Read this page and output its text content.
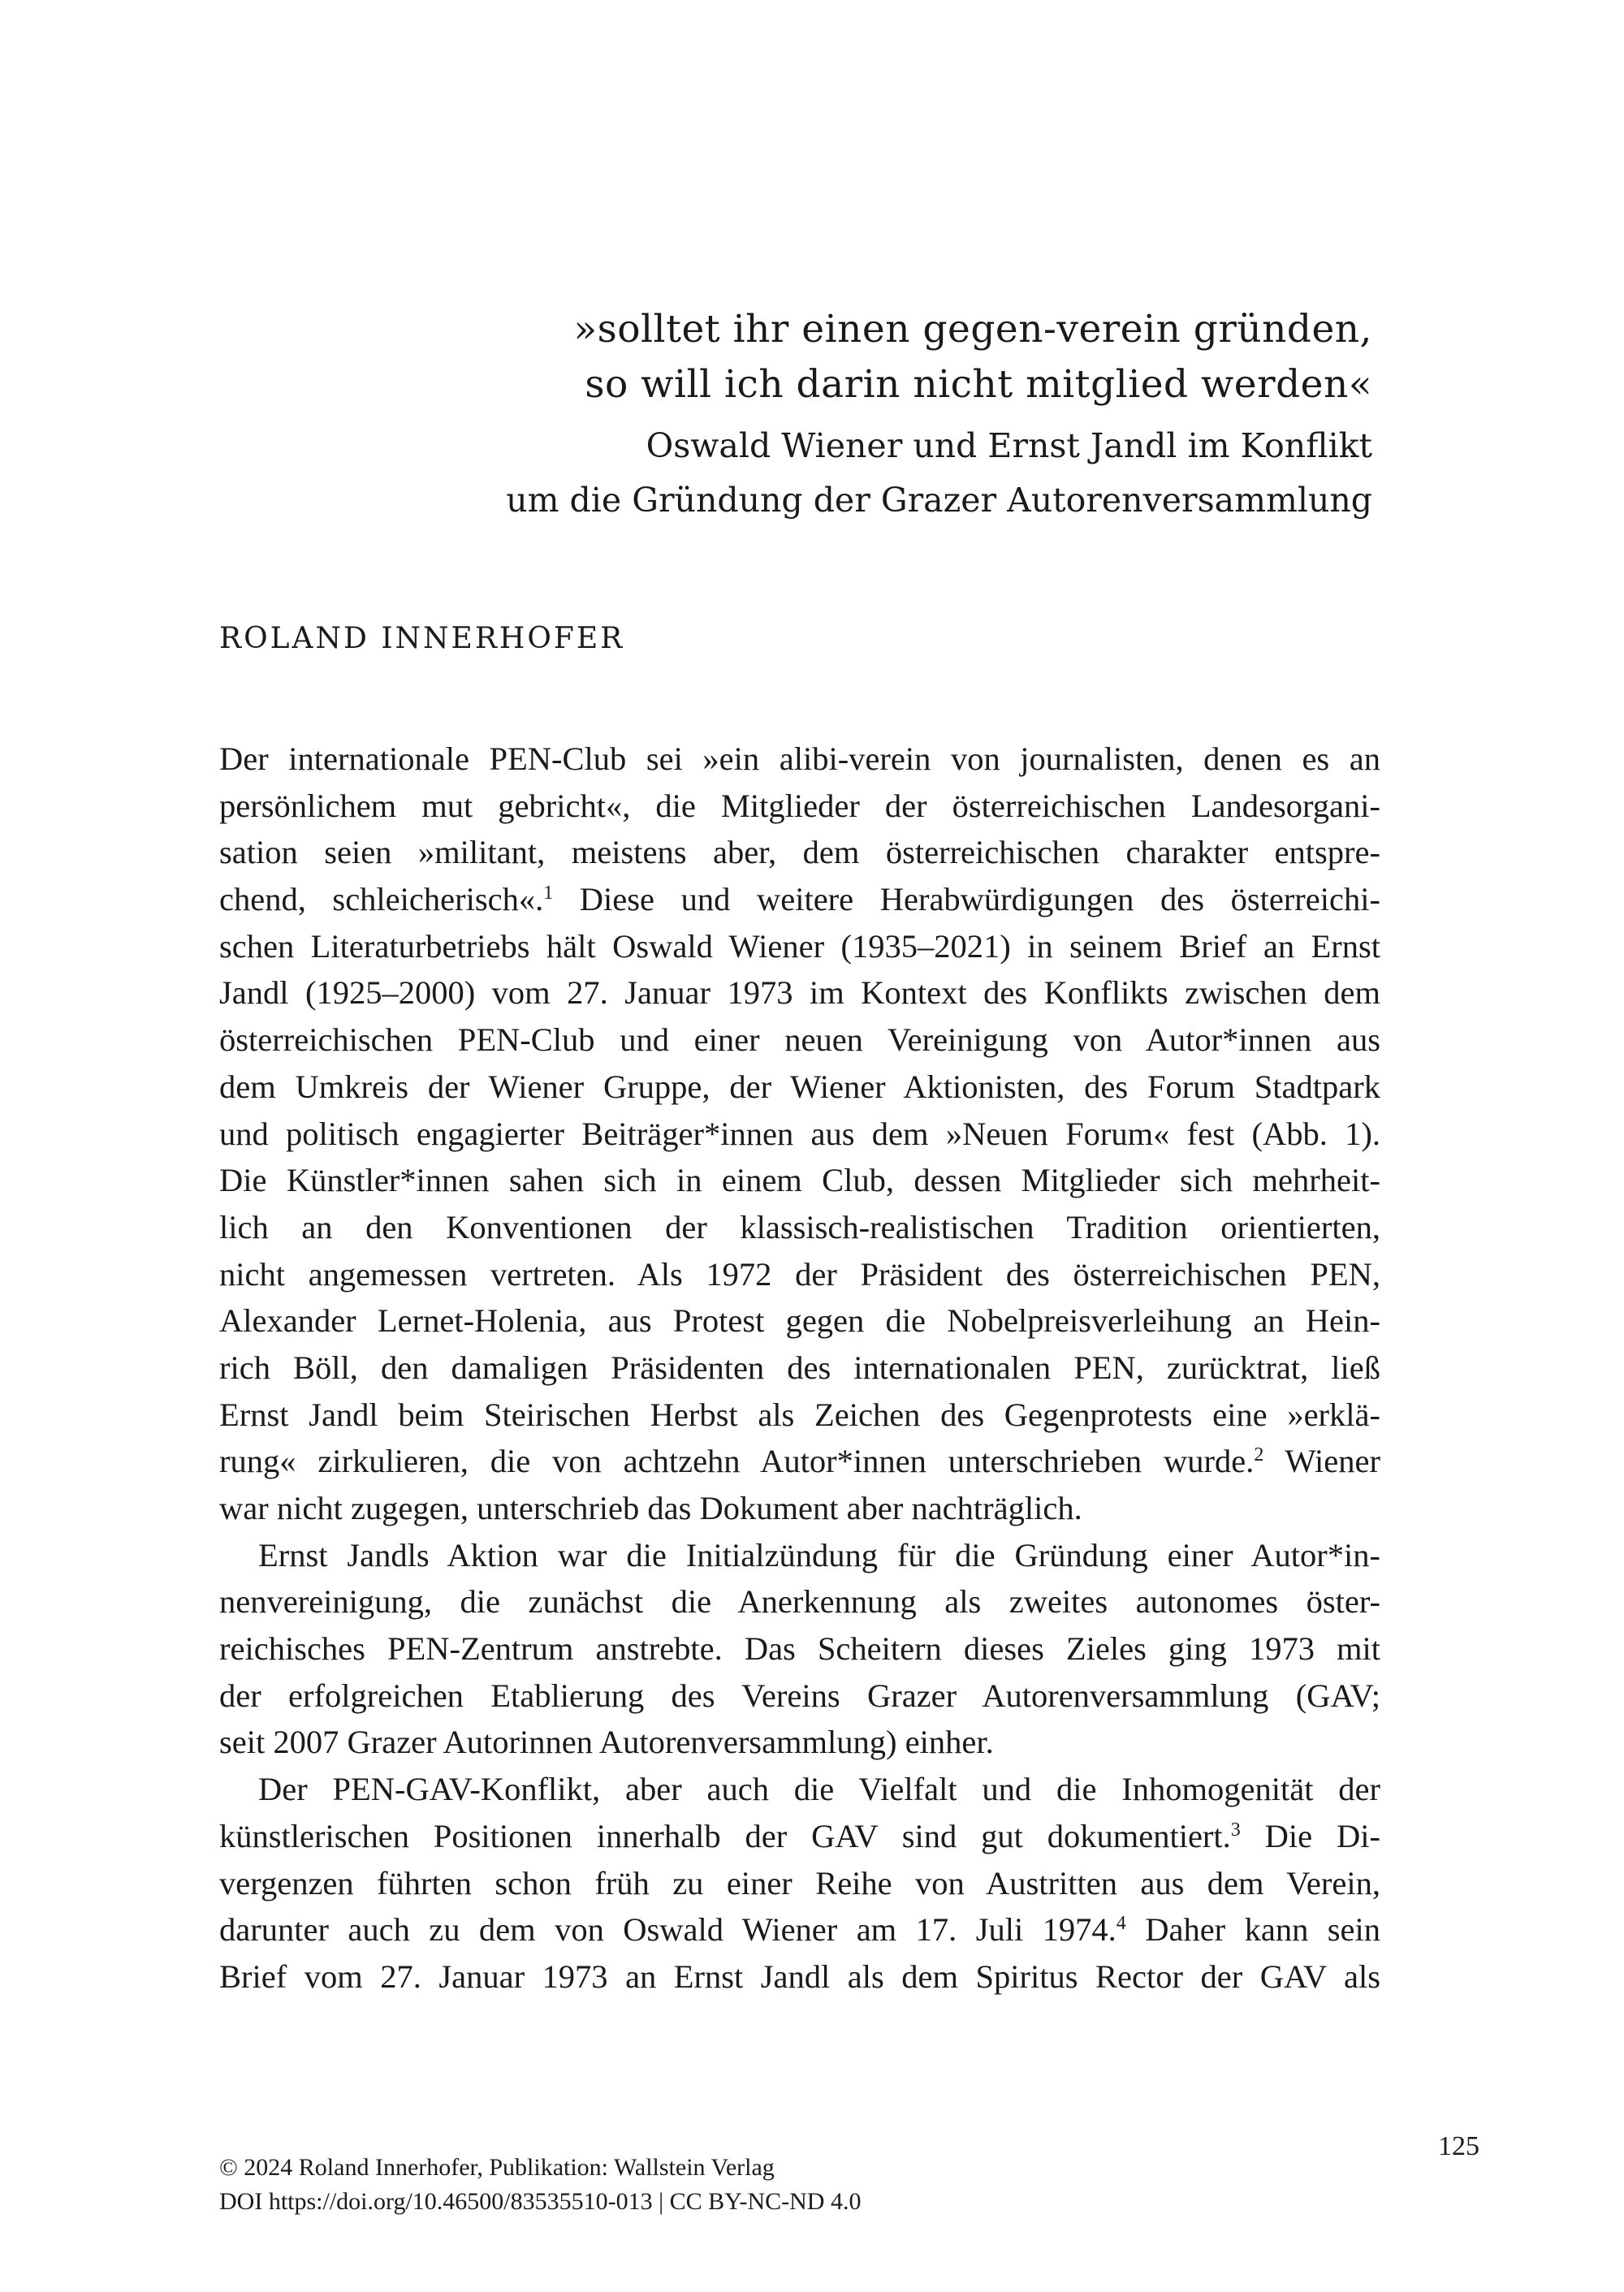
»solltet ihr einen gegen-verein gründen,
so will ich darin nicht mitglied werden«
Oswald Wiener und Ernst Jandl im Konflikt
um die Gründung der Grazer Autorenversammlung
ROLAND INNERHOFER
Der internationale PEN-Club sei »ein alibi-verein von journalisten, denen es an
persönlichem mut gebricht«, die Mitglieder der österreichischen Landesorgani-
sation seien »militant, meistens aber, dem österreichischen charakter entspre-
chend, schleicherisch«.$^1$ Diese und weitere Herabwürdigungen des österreichi-
schen Literaturbetriebs hält Oswald Wiener (1935–2021) in seinem Brief an Ernst
Jandl (1925–2000) vom 27. Januar 1973 im Kontext des Konflikts zwischen dem
österreichischen PEN-Club und einer neuen Vereinigung von Autor*innen aus
dem Umkreis der Wiener Gruppe, der Wiener Aktionisten, des Forum Stadtpark
und politisch engagierter Beiträger*innen aus dem »Neuen Forum« fest (Abb. 1).
Die Künstler*innen sahen sich in einem Club, dessen Mitglieder sich mehrheit-
lich an den Konventionen der klassisch-realistischen Tradition orientierten,
nicht angemessen vertreten. Als 1972 der Präsident des österreichischen PEN,
Alexander Lernet-Holenia, aus Protest gegen die Nobelpreisverleihung an Hein-
rich Böll, den damaligen Präsidenten des internationalen PEN, zurücktrat, ließ
Ernst Jandl beim Steirischen Herbst als Zeichen des Gegenprotests eine »erklä-
rung« zirkulieren, die von achtzehn Autor*innen unterschrieben wurde.$^2$ Wiener
war nicht zugegen, unterschrieb das Dokument aber nachträglich.
Ernst Jandls Aktion war die Initialzündung für die Gründung einer Autor*in-
nenvereinigung, die zunächst die Anerkennung als zweites autonomes öster-
reichisches PEN-Zentrum anstrebte. Das Scheitern dieses Zieles ging 1973 mit
der erfolgreichen Etablierung des Vereins Grazer Autorenversammlung (GAV;
seit 2007 Grazer Autorinnen Autorenversammlung) einher.
Der PEN-GAV-Konflikt, aber auch die Vielfalt und die Inhomogenität der
künstlerischen Positionen innerhalb der GAV sind gut dokumentiert.$^3$ Die Di-
vergenzen führten schon früh zu einer Reihe von Austritten aus dem Verein,
darunter auch zu dem von Oswald Wiener am 17. Juli 1974.$^4$ Daher kann sein
Brief vom 27. Januar 1973 an Ernst Jandl als dem Spiritus Rector der GAV als
© 2024 Roland Innerhofer, Publikation: Wallstein Verlag
DOI https://doi.org/10.46500/83535510-013 | CC BY-NC-ND 4.0
125
